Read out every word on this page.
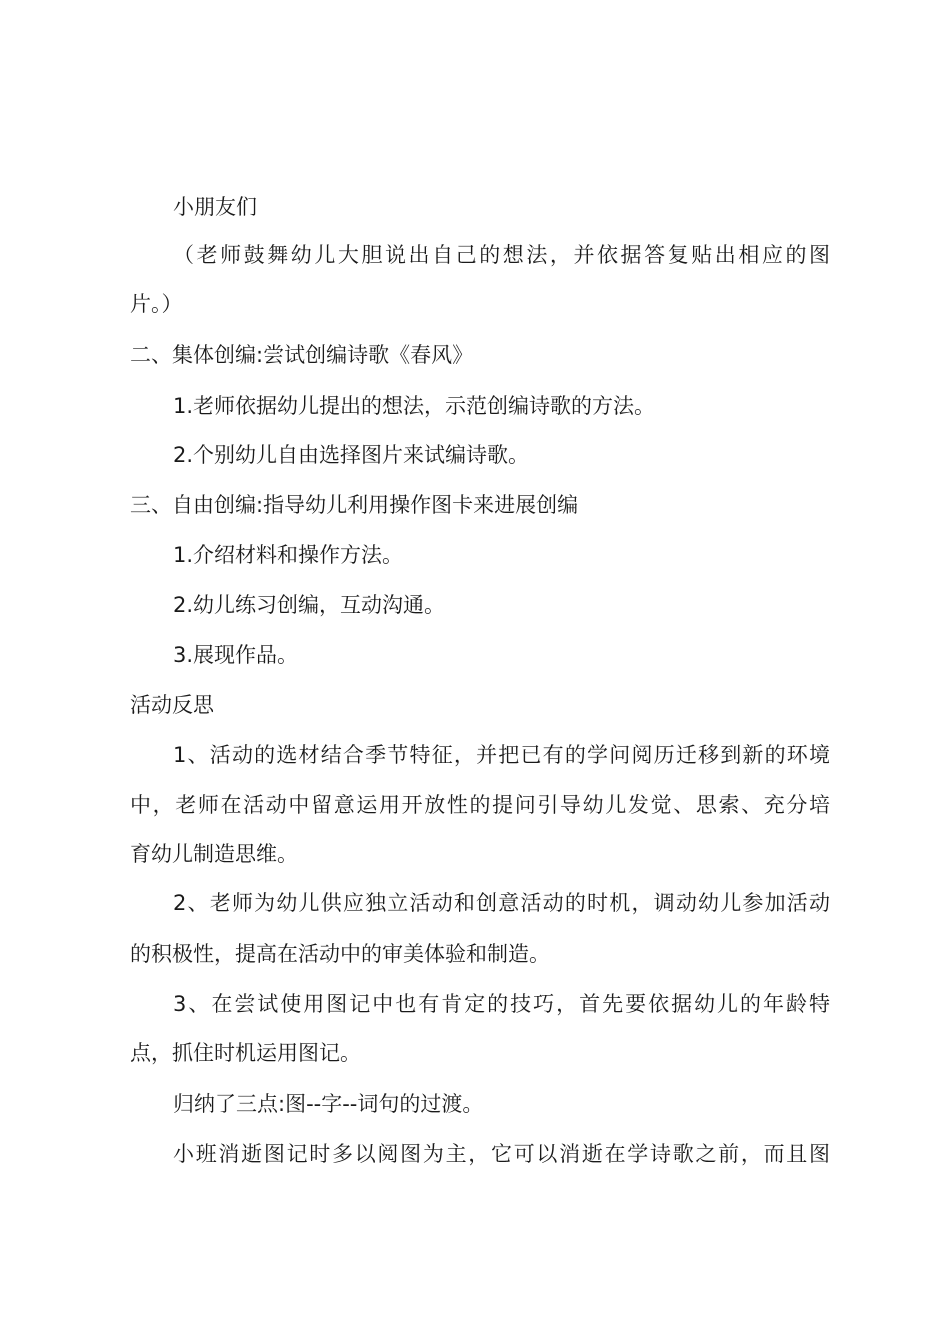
小朋友们
（老师鼓舞幼儿大胆说出自己的想法，并依据答复贴出相应的图
片。）
二、集体创编:尝试创编诗歌《春风》
1.老师依据幼儿提出的想法，示范创编诗歌的方法。
2.个别幼儿自由选择图片来试编诗歌。
三、自由创编:指导幼儿利用操作图卡来进展创编
1.介绍材料和操作方法。
2.幼儿练习创编，互动沟通。
3.展现作品。
活动反思
1、活动的选材结合季节特征，并把已有的学问阅历迁移到新的环境
中，老师在活动中留意运用开放性的提问引导幼儿发觉、思索、充分培
育幼儿制造思维。
2、老师为幼儿供应独立活动和创意活动的时机，调动幼儿参加活动
的积极性，提高在活动中的审美体验和制造。
3、在尝试使用图记中也有肯定的技巧，首先要依据幼儿的年龄特
点，抓住时机运用图记。
归纳了三点:图--字--词句的过渡。
小班消逝图记时多以阅图为主，它可以消逝在学诗歌之前，而且图
